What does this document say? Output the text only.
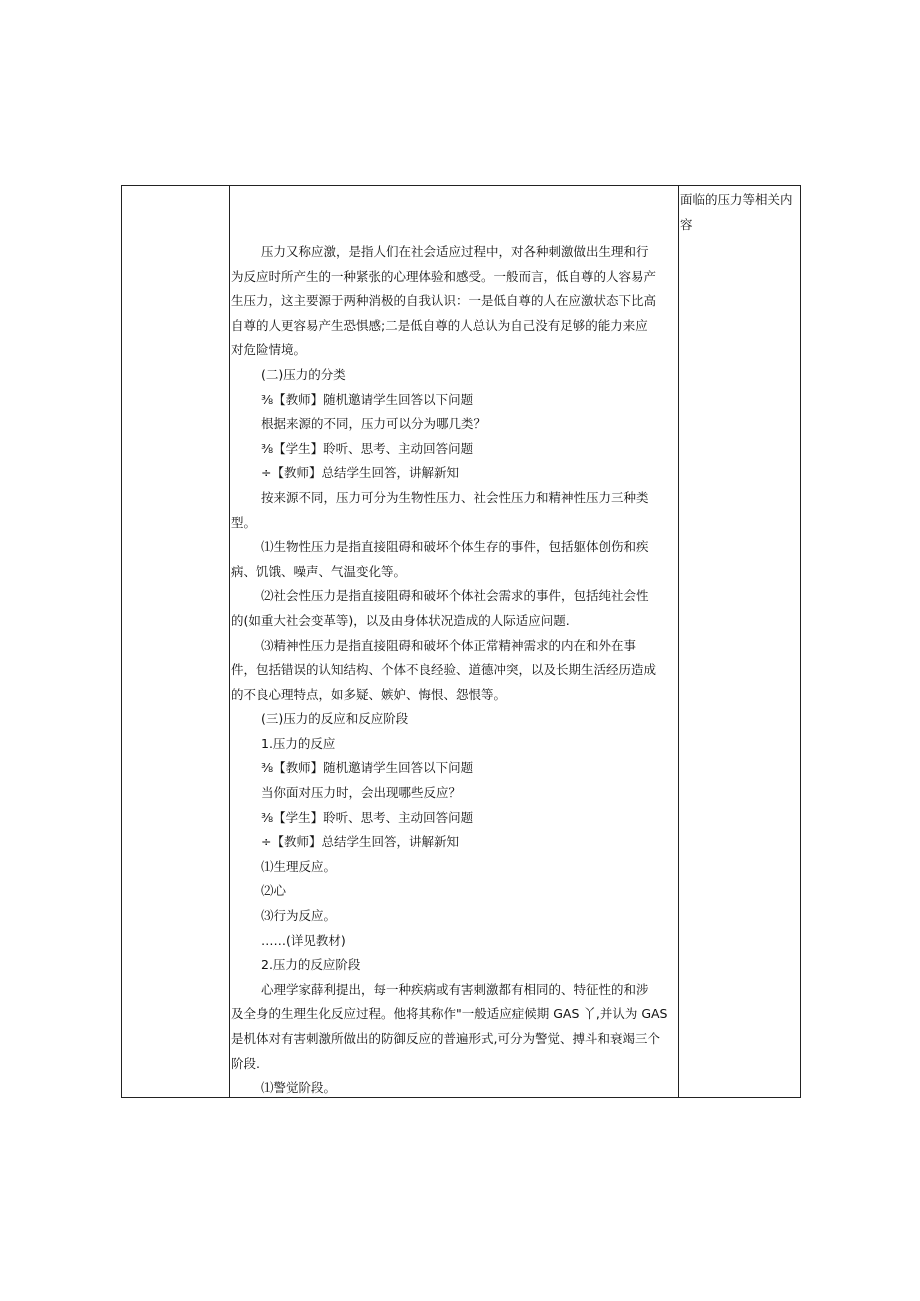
面临的压力等相关内
容
压力又称应激，是指人们在社会适应过程中，对各种刺激做出生理和行
为反应时所产生的一种紧张的心理体验和感受。一般而言，低自尊的人容易产
生压力，这主要源于两种消极的自我认识：一是低自尊的人在应激状态下比高
自尊的人更容易产生恐惧感;二是低自尊的人总认为自己没有足够的能力来应
对危险情境。
(二)压力的分类
⅜【教师】随机邀请学生回答以下问题
根据来源的不同，压力可以分为哪几类？
⅜【学生】聆听、思考、主动回答问题
÷【教师】总结学生回答，讲解新知
按来源不同，压力可分为生物性压力、社会性压力和精神性压力三种类
型。
⑴生物性压力是指直接阻碍和破坏个体生存的事件，包括躯体创伤和疾
病、饥饿、噪声、气温变化等。
⑵社会性压力是指直接阻碍和破坏个体社会需求的事件，包括纯社会性
的(如重大社会变革等)，以及由身体状况造成的人际适应问题.
⑶精神性压力是指直接阻碍和破坏个体正常精神需求的内在和外在事
件，包括错误的认知结构、个体不良经验、道德冲突，以及长期生活经历造成
的不良心理特点，如多疑、嫉妒、悔恨、怨恨等。
(三)压力的反应和反应阶段
1.压力的反应
⅜【教师】随机邀请学生回答以下问题
当你面对压力时，会出现哪些反应？
⅜【学生】聆听、思考、主动回答问题
÷【教师】总结学生回答，讲解新知
⑴生理反应。
⑵心
⑶行为反应。
……(详见教材)
2.压力的反应阶段
心理学家薛利提出，每一种疾病或有害刺激都有相同的、特征性的和涉
及全身的生理生化反应过程。他将其称作"一般适应症候期 GAS 丫,并认为 GAS
是机体对有害刺激所做出的防御反应的普遍形式,可分为警觉、搏斗和衰竭三个
阶段.
⑴警觉阶段。
